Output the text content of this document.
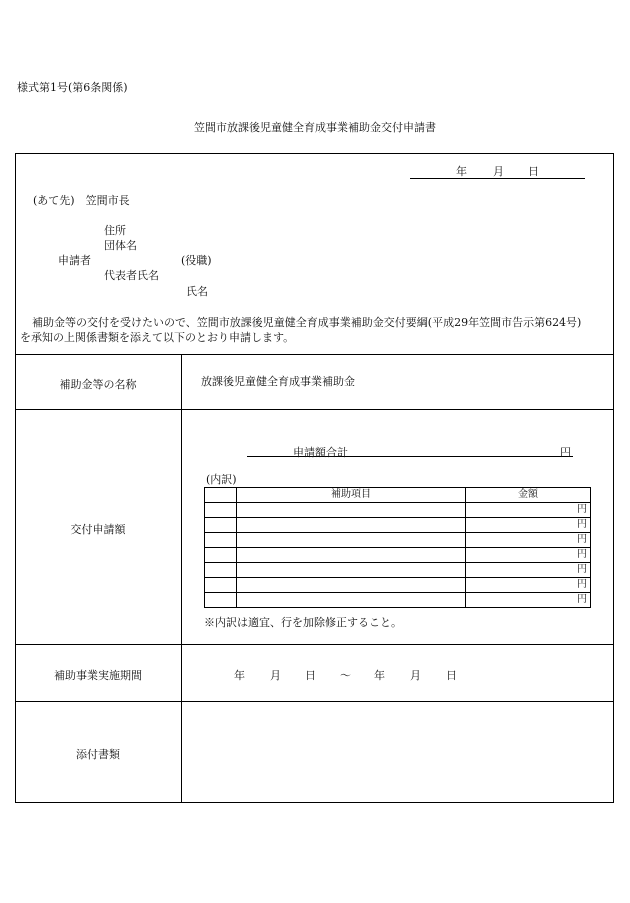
様式第1号(第6条関係)
笠間市放課後児童健全育成事業補助金交付申請書
年 月 日
(あて先)　笠間市長
住所
団体名
申請者	(役職)
代表者氏名
氏名
補助金等の交付を受けたいので、笠間市放課後児童健全育成事業補助金交付要綱(平成29年笠間市告示第624号)
を承知の上関係書類を添えて以下のとおり申請します。
補助金等の名称	放課後児童健全育成事業補助金
交付申請額
申請額合計	円
(内訳)
	補助項目	金額
		円
		円
		円
		円
		円
		円
		円
※内訳は適宜、行を加除修正すること。
補助事業実施期間	年 月 日 〜 年 月 日
添付書類
